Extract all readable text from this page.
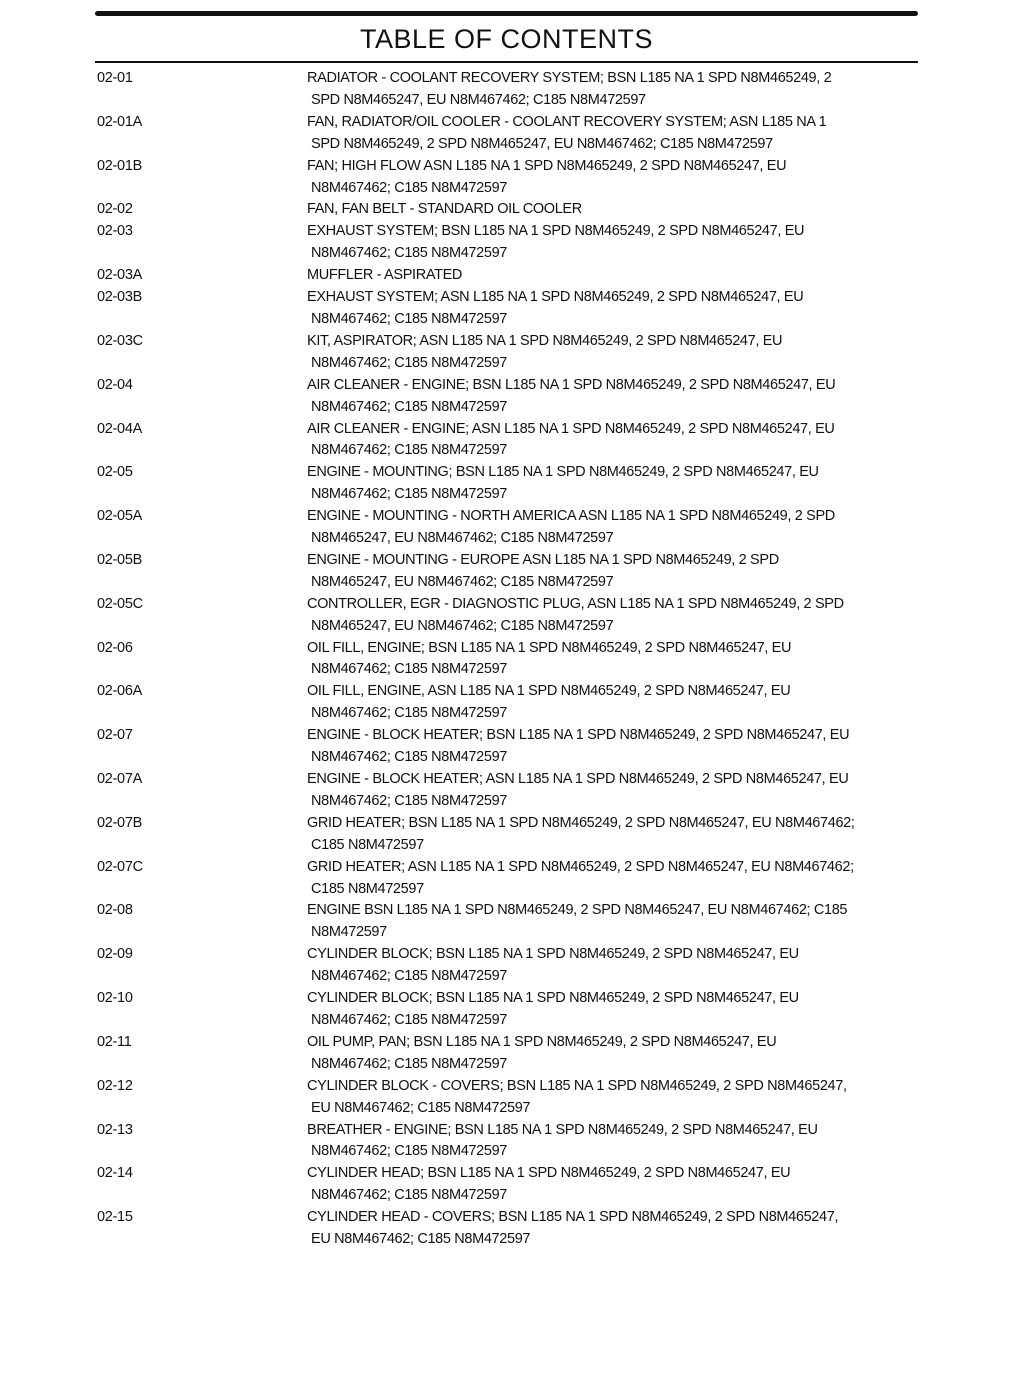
TABLE OF CONTENTS
02-01	RADIATOR - COOLANT RECOVERY SYSTEM; BSN L185 NA 1 SPD N8M465249, 2
SPD N8M465247, EU N8M467462; C185 N8M472597
02-01A	FAN, RADIATOR/OIL COOLER - COOLANT RECOVERY SYSTEM; ASN L185 NA 1
SPD N8M465249, 2 SPD N8M465247, EU N8M467462; C185 N8M472597
02-01B	FAN; HIGH FLOW ASN L185 NA 1 SPD N8M465249, 2 SPD N8M465247, EU
N8M467462; C185 N8M472597
02-02	FAN, FAN BELT - STANDARD OIL COOLER
02-03	EXHAUST SYSTEM; BSN L185 NA 1 SPD N8M465249, 2 SPD N8M465247, EU
N8M467462; C185 N8M472597
02-03A	MUFFLER - ASPIRATED
02-03B	EXHAUST SYSTEM; ASN L185 NA 1 SPD N8M465249, 2 SPD N8M465247, EU
N8M467462; C185 N8M472597
02-03C	KIT, ASPIRATOR; ASN L185 NA 1 SPD N8M465249, 2 SPD N8M465247, EU
N8M467462; C185 N8M472597
02-04	AIR CLEANER - ENGINE; BSN L185 NA 1 SPD N8M465249, 2 SPD N8M465247, EU
N8M467462; C185 N8M472597
02-04A	AIR CLEANER - ENGINE; ASN L185 NA 1 SPD N8M465249, 2 SPD N8M465247, EU
N8M467462; C185 N8M472597
02-05	ENGINE - MOUNTING; BSN L185 NA 1 SPD N8M465249, 2 SPD N8M465247, EU
N8M467462; C185 N8M472597
02-05A	ENGINE - MOUNTING - NORTH AMERICA ASN L185 NA 1 SPD N8M465249, 2 SPD
N8M465247, EU N8M467462; C185 N8M472597
02-05B	ENGINE - MOUNTING - EUROPE ASN L185 NA 1 SPD N8M465249, 2 SPD
N8M465247, EU N8M467462; C185 N8M472597
02-05C	CONTROLLER, EGR - DIAGNOSTIC PLUG, ASN L185 NA 1 SPD N8M465249, 2 SPD
N8M465247, EU N8M467462; C185 N8M472597
02-06	OIL FILL, ENGINE; BSN L185 NA 1 SPD N8M465249, 2 SPD N8M465247, EU
N8M467462; C185 N8M472597
02-06A	OIL FILL, ENGINE, ASN L185 NA 1 SPD N8M465249, 2 SPD N8M465247, EU
N8M467462; C185 N8M472597
02-07	ENGINE - BLOCK HEATER; BSN L185 NA 1 SPD N8M465249, 2 SPD N8M465247, EU
N8M467462; C185 N8M472597
02-07A	ENGINE - BLOCK HEATER; ASN L185 NA 1 SPD N8M465249, 2 SPD N8M465247, EU
N8M467462; C185 N8M472597
02-07B	GRID HEATER; BSN L185 NA 1 SPD N8M465249, 2 SPD N8M465247, EU N8M467462;
C185 N8M472597
02-07C	GRID HEATER; ASN L185 NA 1 SPD N8M465249, 2 SPD N8M465247, EU N8M467462;
C185 N8M472597
02-08	ENGINE BSN L185 NA 1 SPD N8M465249, 2 SPD N8M465247, EU N8M467462; C185
N8M472597
02-09	CYLINDER BLOCK; BSN L185 NA 1 SPD N8M465249, 2 SPD N8M465247, EU
N8M467462; C185 N8M472597
02-10	CYLINDER BLOCK; BSN L185 NA 1 SPD N8M465249, 2 SPD N8M465247, EU
N8M467462; C185 N8M472597
02-11	OIL PUMP, PAN; BSN L185 NA 1 SPD N8M465249, 2 SPD N8M465247, EU
N8M467462; C185 N8M472597
02-12	CYLINDER BLOCK - COVERS; BSN L185 NA 1 SPD N8M465249, 2 SPD N8M465247,
EU N8M467462; C185 N8M472597
02-13	BREATHER - ENGINE; BSN L185 NA 1 SPD N8M465249, 2 SPD N8M465247, EU
N8M467462; C185 N8M472597
02-14	CYLINDER HEAD; BSN L185 NA 1 SPD N8M465249, 2 SPD N8M465247, EU
N8M467462; C185 N8M472597
02-15	CYLINDER HEAD - COVERS; BSN L185 NA 1 SPD N8M465249, 2 SPD N8M465247,
EU N8M467462; C185 N8M472597
